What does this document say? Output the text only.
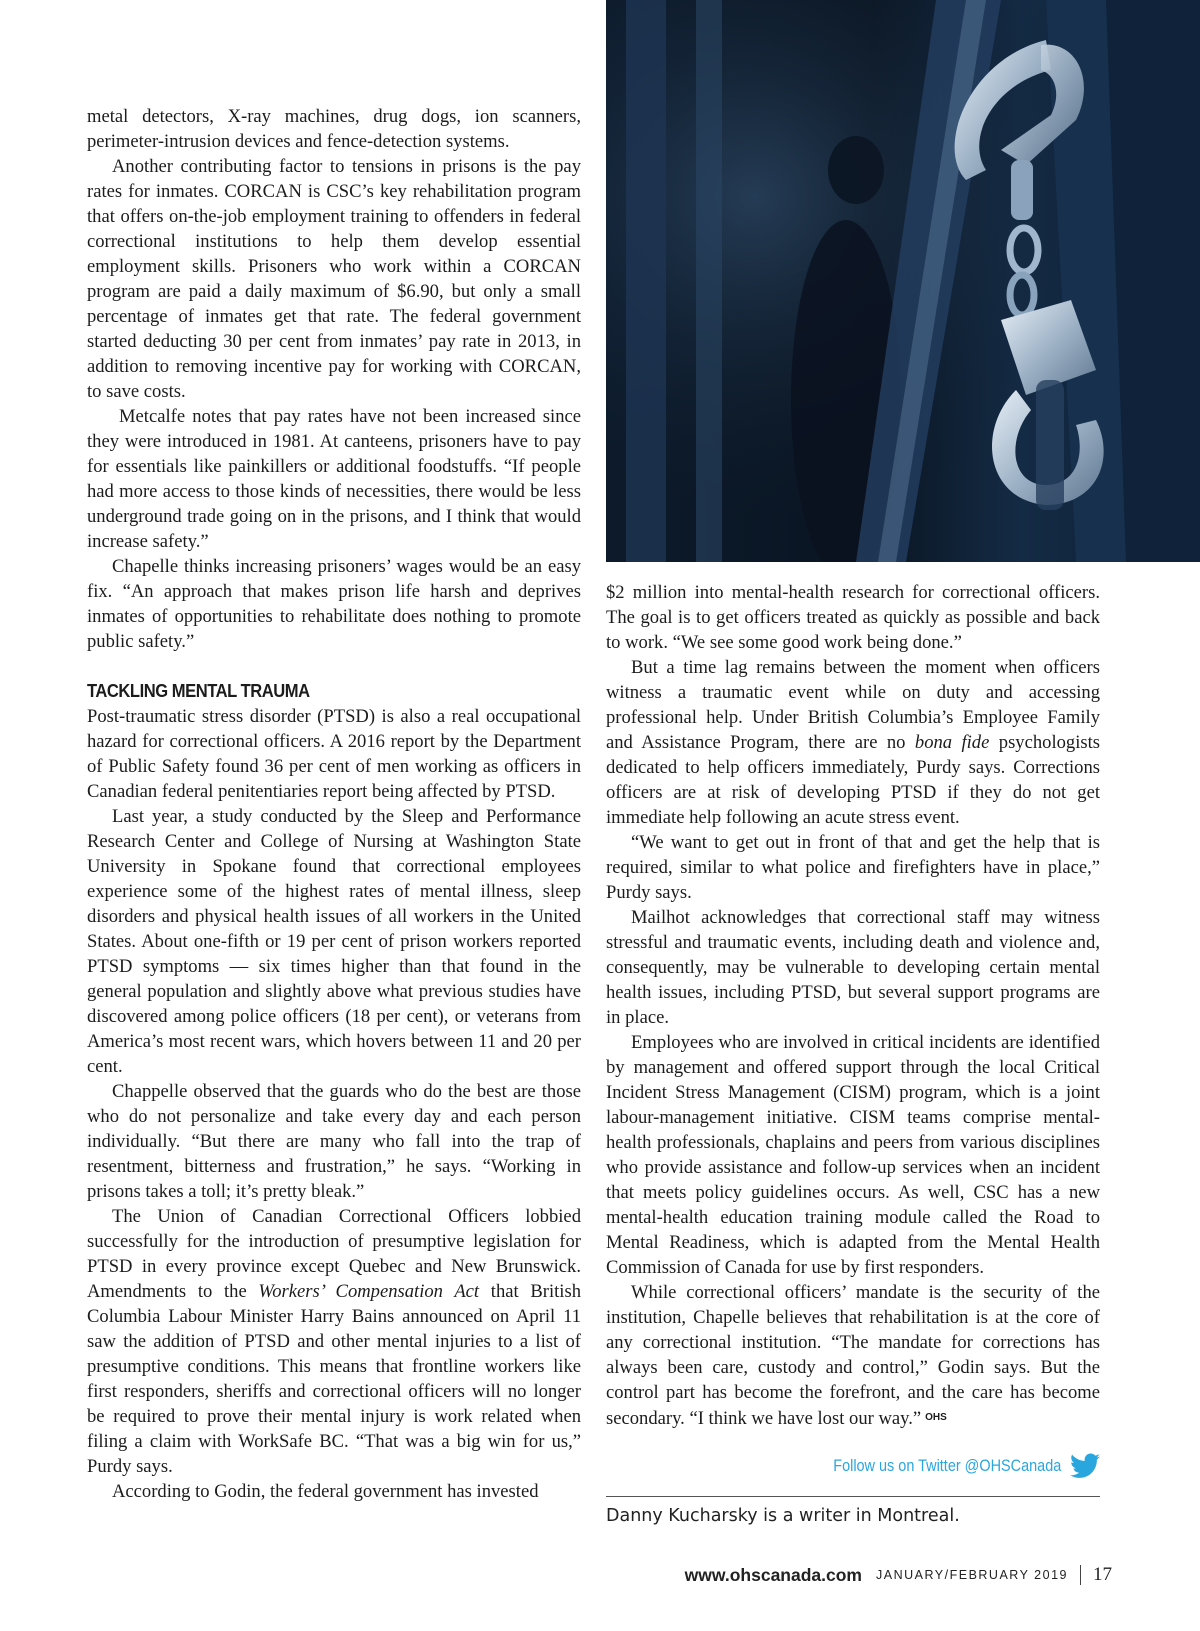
metal detectors, X-ray machines, drug dogs, ion scanners, perimeter-intrusion devices and fence-detection systems.

Another contributing factor to tensions in prisons is the pay rates for inmates. CORCAN is CSC’s key rehabilitation program that offers on-the-job employment training to offenders in federal correctional institutions to help them develop essential employment skills. Prisoners who work within a CORCAN program are paid a daily maximum of $6.90, but only a small percentage of inmates get that rate. The federal government started deducting 30 per cent from inmates’ pay rate in 2013, in addition to removing incentive pay for working with CORCAN, to save costs.

Metcalfe notes that pay rates have not been increased since they were introduced in 1981. At canteens, prisoners have to pay for essentials like painkillers or additional foodstuffs. “If people had more access to those kinds of necessities, there would be less underground trade going on in the prisons, and I think that would increase safety.”

Chapelle thinks increasing prisoners’ wages would be an easy fix. “An approach that makes prison life harsh and deprives inmates of opportunities to rehabilitate does nothing to promote public safety.”

TACKLING MENTAL TRAUMA

Post-traumatic stress disorder (PTSD) is also a real occupational hazard for correctional officers. A 2016 report by the Department of Public Safety found 36 per cent of men working as officers in Canadian federal penitentiaries report being affected by PTSD.

Last year, a study conducted by the Sleep and Performance Research Center and College of Nursing at Washington State University in Spokane found that correctional employees experience some of the highest rates of mental illness, sleep disorders and physical health issues of all workers in the United States. About one-fifth or 19 per cent of prison workers reported PTSD symptoms — six times higher than that found in the general population and slightly above what previous studies have discovered among police officers (18 per cent), or veterans from America’s most recent wars, which hovers between 11 and 20 per cent.

Chappelle observed that the guards who do the best are those who do not personalize and take every day and each person individually. “But there are many who fall into the trap of resentment, bitterness and frustration,” he says. “Working in prisons takes a toll; it’s pretty bleak.”

The Union of Canadian Correctional Officers lobbied successfully for the introduction of presumptive legislation for PTSD in every province except Quebec and New Brunswick. Amendments to the Workers’ Compensation Act that British Columbia Labour Minister Harry Bains announced on April 11 saw the addition of PTSD and other mental injuries to a list of presumptive conditions. This means that frontline workers like first responders, sheriffs and correctional officers will no longer be required to prove their mental injury is work related when filing a claim with WorkSafe BC. “That was a big win for us,” Purdy says.

According to Godin, the federal government has invested

$2 million into mental-health research for correctional officers. The goal is to get officers treated as quickly as possible and back to work. “We see some good work being done.”

But a time lag remains between the moment when officers witness a traumatic event while on duty and accessing professional help. Under British Columbia’s Employee Family and Assistance Program, there are no bona fide psychologists dedicated to help officers immediately, Purdy says. Corrections officers are at risk of developing PTSD if they do not get immediate help following an acute stress event.

“We want to get out in front of that and get the help that is required, similar to what police and firefighters have in place,” Purdy says.

Mailhot acknowledges that correctional staff may witness stressful and traumatic events, including death and violence and, consequently, may be vulnerable to developing certain mental health issues, including PTSD, but several support programs are in place.

Employees who are involved in critical incidents are identified by management and offered support through the local Critical Incident Stress Management (CISM) program, which is a joint labour-management initiative. CISM teams comprise mental-health professionals, chaplains and peers from various disciplines who provide assistance and follow-up services when an incident that meets policy guidelines occurs. As well, CSC has a new mental-health education training module called the Road to Mental Readiness, which is adapted from the Mental Health Commission of Canada for use by first responders.

While correctional officers’ mandate is the security of the institution, Chapelle believes that rehabilitation is at the core of any correctional institution. “The mandate for corrections has always been care, custody and control,” Godin says. But the control part has become the forefront, and the care has become secondary. “I think we have lost our way.” $^{OHS}$

Follow us on Twitter @OHSCanada
Danny Kucharsky is a writer in Montreal.
www.ohscanada.com JANUARY/FEBRUARY 2019 17
